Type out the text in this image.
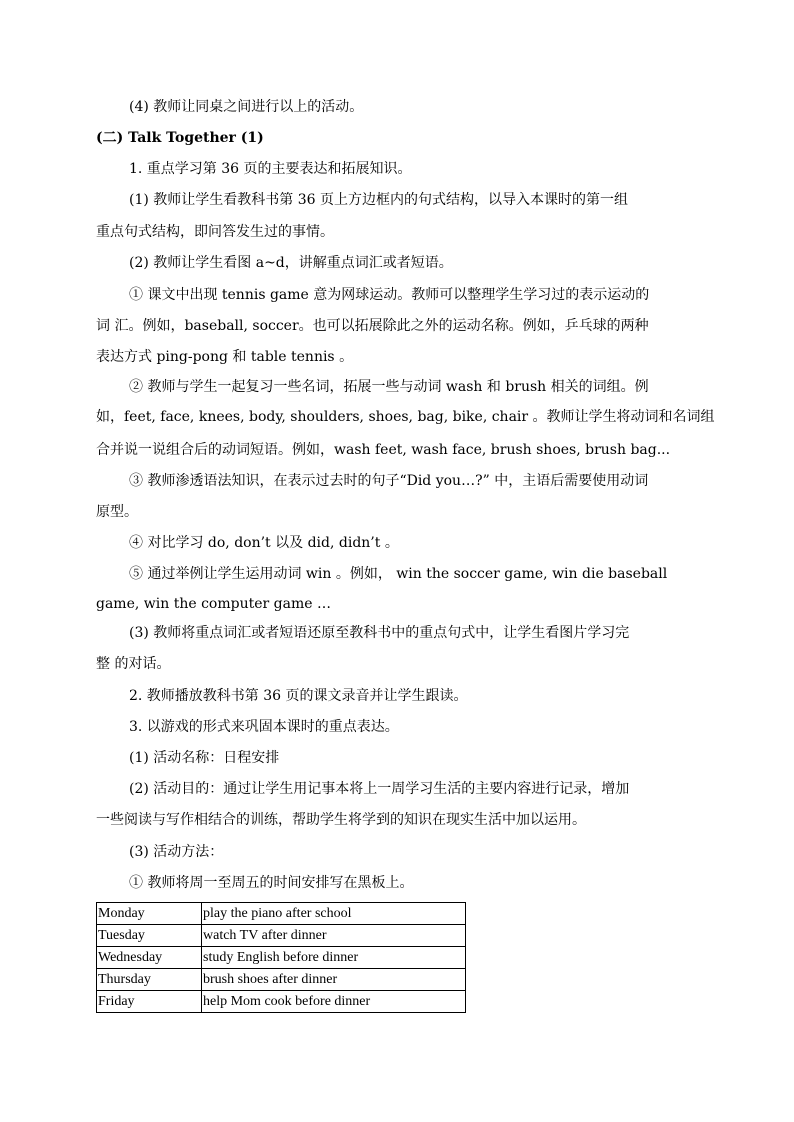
(4) 教师让同桌之间进行以上的活动。
(二) Talk Together (1)
1. 重点学习第 36 页的主要表达和拓展知识。
(1) 教师让学生看教科书第 36 页上方边框内的句式结构，以导入本课时的第一组
重点句式结构，即问答发生过的事情。
(2) 教师让学生看图 a~d，讲解重点词汇或者短语。
① 课文中出现 tennis game 意为网球运动。教师可以整理学生学习过的表示运动的
词 汇。例如，baseball, soccer。也可以拓展除此之外的运动名称。例如，乒乓球的两种
表达方式 ping-pong 和 table tennis 。
② 教师与学生一起复习一些名词，拓展一些与动词 wash 和 brush 相关的词组。例
如，feet, face, knees, body, shoulders, shoes, bag, bike, chair 。教师让学生将动词和名词组
合并说一说组合后的动词短语。例如，wash feet, wash face, brush shoes, brush bag...
③ 教师渗透语法知识，在表示过去时的句子“Did you…?” 中，主语后需要使用动词
原型。
④ 对比学习 do, don’t 以及 did, didn’t 。
⑤ 通过举例让学生运用动词 win 。例如， win the soccer game, win die baseball
game, win the computer game …
(3) 教师将重点词汇或者短语还原至教科书中的重点句式中，让学生看图片学习完
整 的对话。
2. 教师播放教科书第 36 页的课文录音并让学生跟读。
3. 以游戏的形式来巩固本课时的重点表达。
(1) 活动名称：日程安排
(2) 活动目的：通过让学生用记事本将上一周学习生活的主要内容进行记录，增加
一些阅读与写作相结合的训练，帮助学生将学到的知识在现实生活中加以运用。
(3) 活动方法：
① 教师将周一至周五的时间安排写在黑板上。
Monday	play the piano after school
Tuesday	watch TV after dinner
Wednesday	study English before dinner
Thursday	brush shoes after dinner
Friday	help Mom cook before dinner
